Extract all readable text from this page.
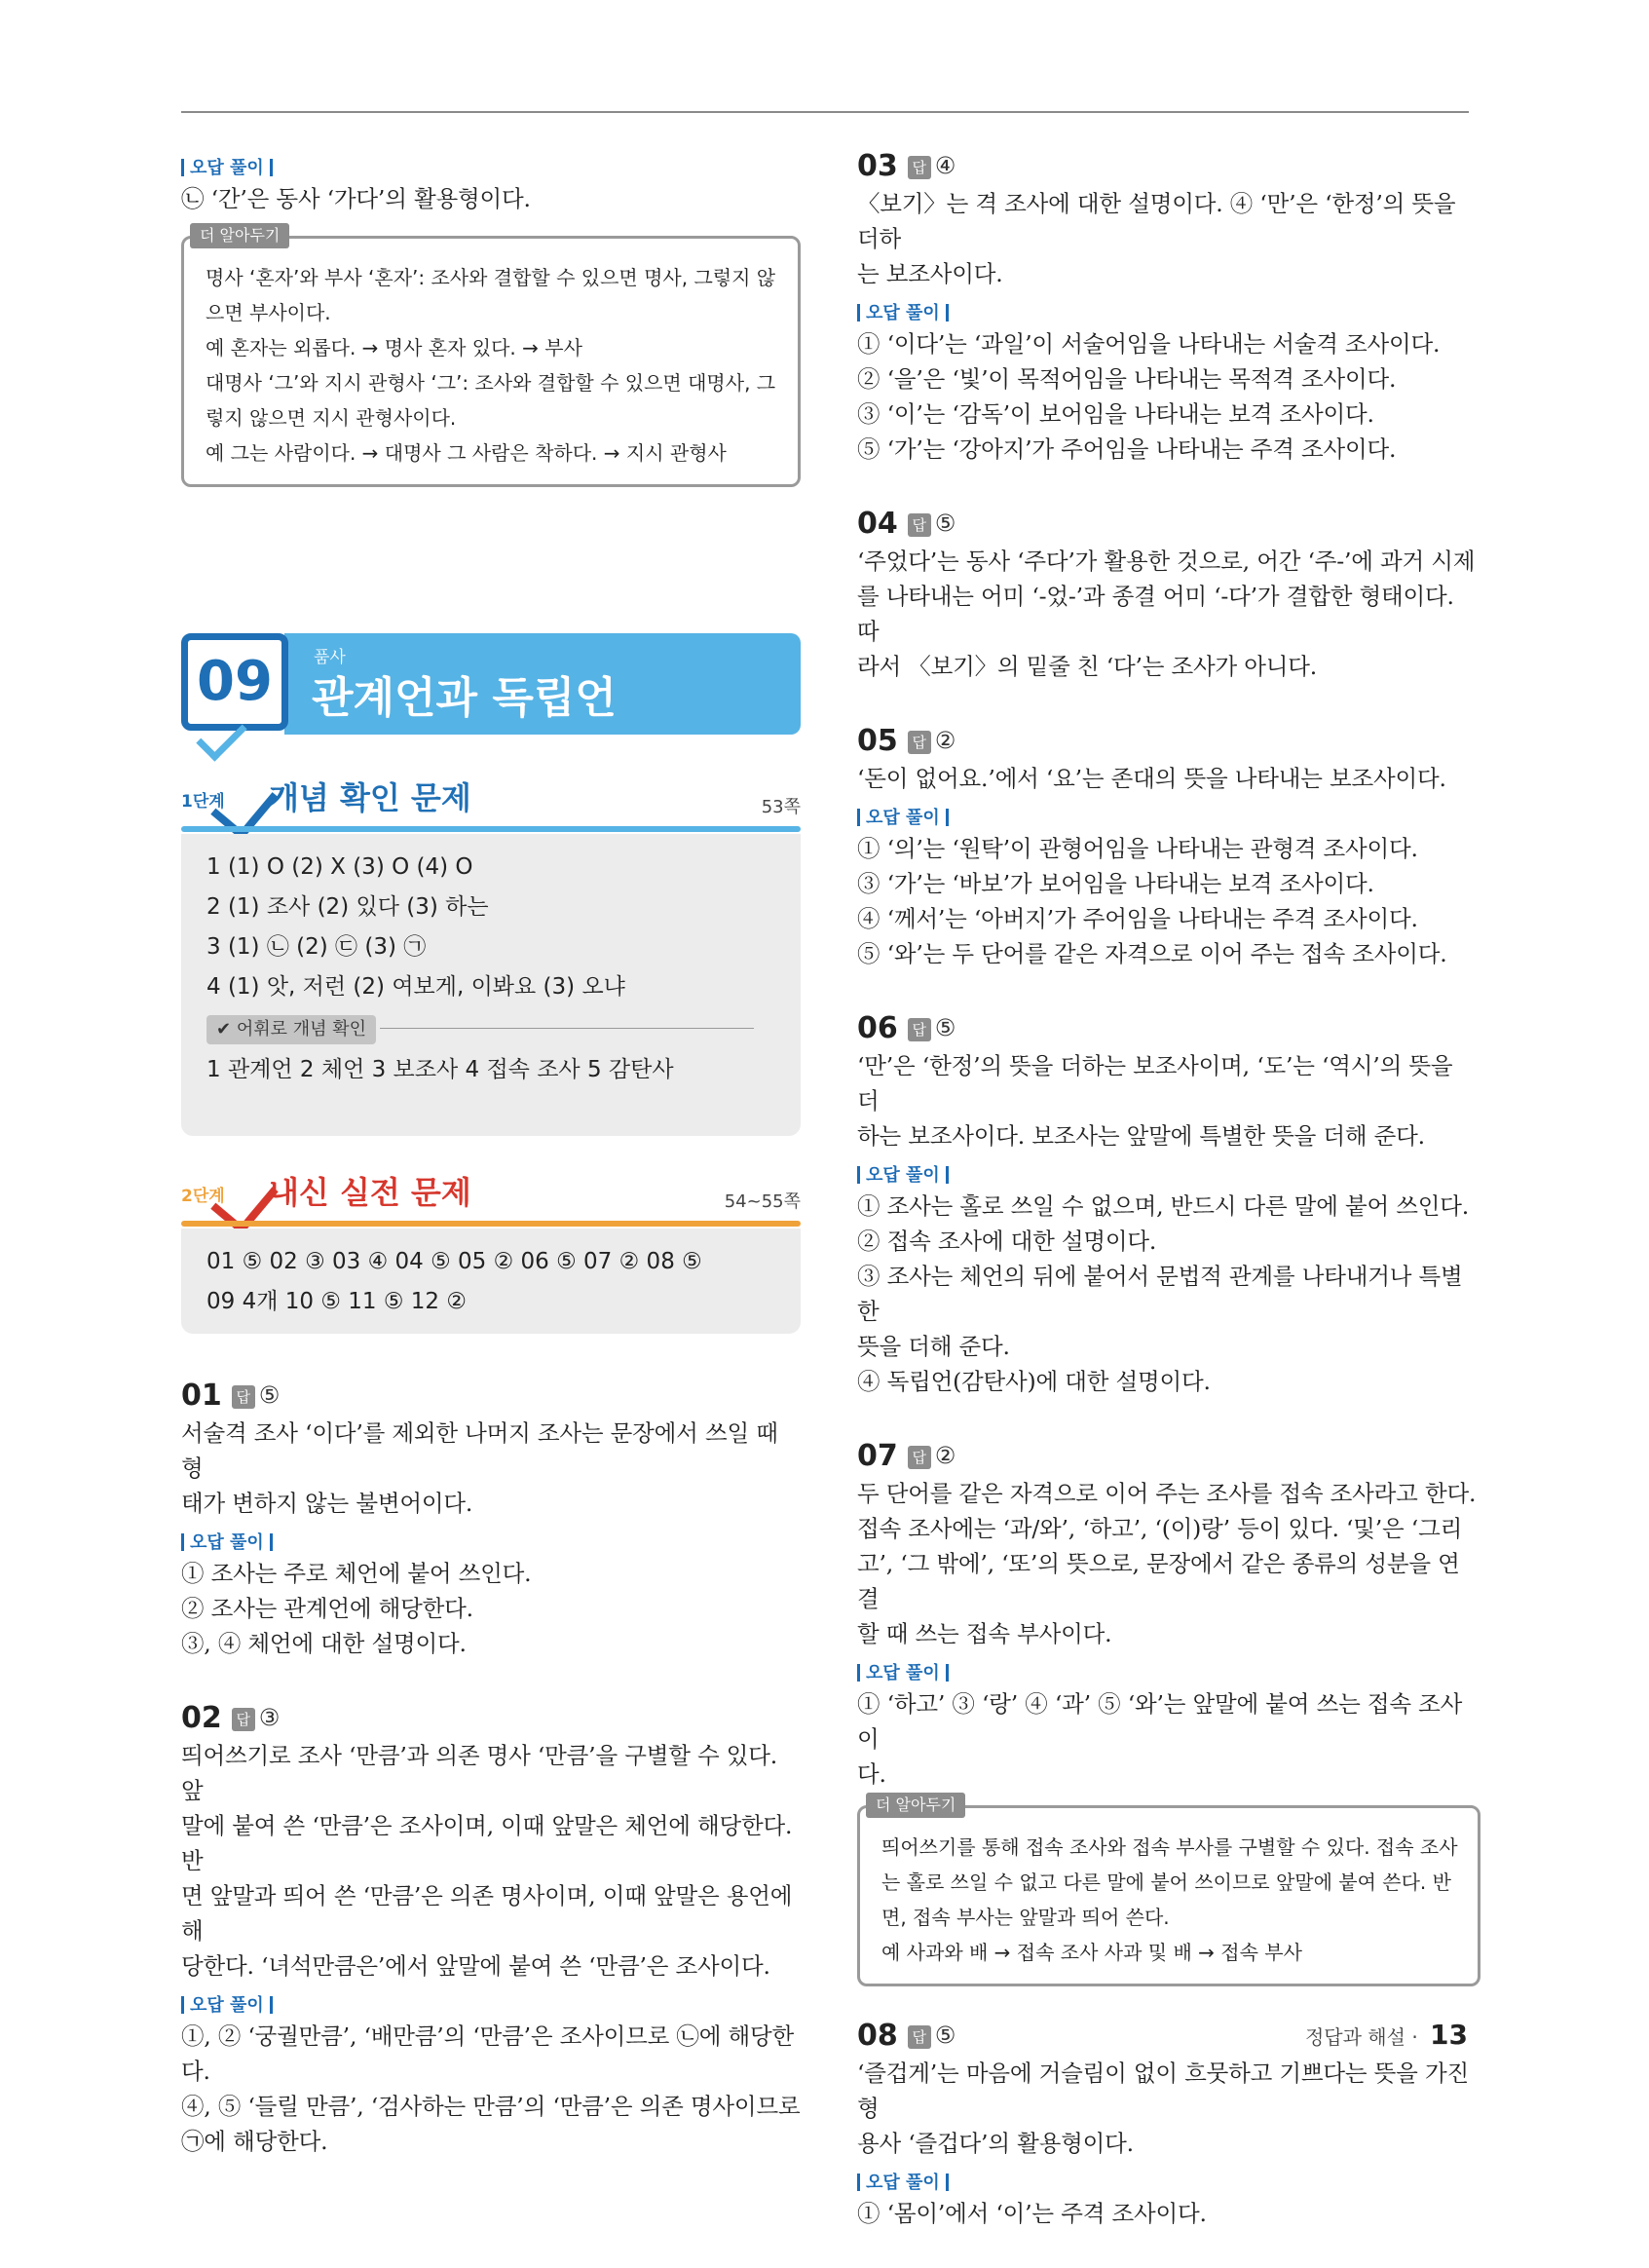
오답 풀이

㉡ ‘간’은 동사 ‘가다’의 활용형이다.

더 알아두기

명사 ‘혼자’와 부사 ‘혼자’: 조사와 결합할 수 있으면 명사, 그렇지 않

으면 부사이다.

예 혼자는 외롭다. → 명사 혼자 있다. → 부사

대명사 ‘그’와 지시 관형사 ‘그’: 조사와 결합할 수 있으면 대명사, 그

렇지 않으면 지시 관형사이다.

예 그는 사람이다. → 대명사 그 사람은 착하다. → 지시 관형사

09	품사
관계언과 독립언
1단계 개념 확인 문제	53쪽
1 (1) O (2) X (3) O (4) O
2 (1) 조사 (2) 있다 (3) 하는
3 (1) ㉡ (2) ㉢ (3) ㉠
4 (1) 앗, 저런 (2) 여보게, 이봐요 (3) 오냐
✔ 어휘로 개념 확인
1 관계언 2 체언 3 보조사 4 접속 조사 5 감탄사
2단계 내신 실전 문제	54~55쪽
01 ⑤ 02 ③ 03 ④ 04 ⑤ 05 ② 06 ⑤ 07 ② 08 ⑤
09 4개 10 ⑤ 11 ⑤ 12 ②
01 답 ⑤

서술격 조사 ‘이다’를 제외한 나머지 조사는 문장에서 쓰일 때 형

태가 변하지 않는 불변어이다.

오답 풀이

① 조사는 주로 체언에 붙어 쓰인다.

② 조사는 관계언에 해당한다.

③, ④ 체언에 대한 설명이다.

02 답 ③

띄어쓰기로 조사 ‘만큼’과 의존 명사 ‘만큼’을 구별할 수 있다. 앞

말에 붙여 쓴 ‘만큼’은 조사이며, 이때 앞말은 체언에 해당한다. 반

면 앞말과 띄어 쓴 ‘만큼’은 의존 명사이며, 이때 앞말은 용언에 해

당한다. ‘녀석만큼은’에서 앞말에 붙여 쓴 ‘만큼’은 조사이다.

오답 풀이

①, ② ‘궁궐만큼’, ‘배만큼’의 ‘만큼’은 조사이므로 ㉡에 해당한다.

④, ⑤ ‘들릴 만큼’, ‘검사하는 만큼’의 ‘만큼’은 의존 명사이므로

㉠에 해당한다.

03 답 ④

〈보기〉는 격 조사에 대한 설명이다. ④ ‘만’은 ‘한정’의 뜻을 더하

는 보조사이다.

오답 풀이

① ‘이다’는 ‘과일’이 서술어임을 나타내는 서술격 조사이다.

② ‘을’은 ‘빛’이 목적어임을 나타내는 목적격 조사이다.

③ ‘이’는 ‘감독’이 보어임을 나타내는 보격 조사이다.

⑤ ‘가’는 ‘강아지’가 주어임을 나타내는 주격 조사이다.

04 답 ⑤

‘주었다’는 동사 ‘주다’가 활용한 것으로, 어간 ‘주-’에 과거 시제

를 나타내는 어미 ‘-었-’과 종결 어미 ‘-다’가 결합한 형태이다. 따

라서 〈보기〉의 밑줄 친 ‘다’는 조사가 아니다.

05 답 ②

‘돈이 없어요.’에서 ‘요’는 존대의 뜻을 나타내는 보조사이다.

오답 풀이

① ‘의’는 ‘원탁’이 관형어임을 나타내는 관형격 조사이다.

③ ‘가’는 ‘바보’가 보어임을 나타내는 보격 조사이다.

④ ‘께서’는 ‘아버지’가 주어임을 나타내는 주격 조사이다.

⑤ ‘와’는 두 단어를 같은 자격으로 이어 주는 접속 조사이다.

06 답 ⑤

‘만’은 ‘한정’의 뜻을 더하는 보조사이며, ‘도’는 ‘역시’의 뜻을 더

하는 보조사이다. 보조사는 앞말에 특별한 뜻을 더해 준다.

오답 풀이

① 조사는 홀로 쓰일 수 없으며, 반드시 다른 말에 붙어 쓰인다.

② 접속 조사에 대한 설명이다.

③ 조사는 체언의 뒤에 붙어서 문법적 관계를 나타내거나 특별한

뜻을 더해 준다.

④ 독립언(감탄사)에 대한 설명이다.

07 답 ②

두 단어를 같은 자격으로 이어 주는 조사를 접속 조사라고 한다.

접속 조사에는 ‘과/와’, ‘하고’, ‘(이)랑’ 등이 있다. ‘및’은 ‘그리

고’, ‘그 밖에’, ‘또’의 뜻으로, 문장에서 같은 종류의 성분을 연결

할 때 쓰는 접속 부사이다.

오답 풀이

① ‘하고’ ③ ‘랑’ ④ ‘과’ ⑤ ‘와’는 앞말에 붙여 쓰는 접속 조사이

다.

더 알아두기

띄어쓰기를 통해 접속 조사와 접속 부사를 구별할 수 있다. 접속 조사

는 홀로 쓰일 수 없고 다른 말에 붙어 쓰이므로 앞말에 붙여 쓴다. 반

면, 접속 부사는 앞말과 띄어 쓴다.

예 사과와 배 → 접속 조사 사과 및 배 → 접속 부사

08 답 ⑤

‘즐겁게’는 마음에 거슬림이 없이 흐뭇하고 기쁘다는 뜻을 가진 형

용사 ‘즐겁다’의 활용형이다.

오답 풀이

① ‘몸이’에서 ‘이’는 주격 조사이다.

정답과 해설 · 13
